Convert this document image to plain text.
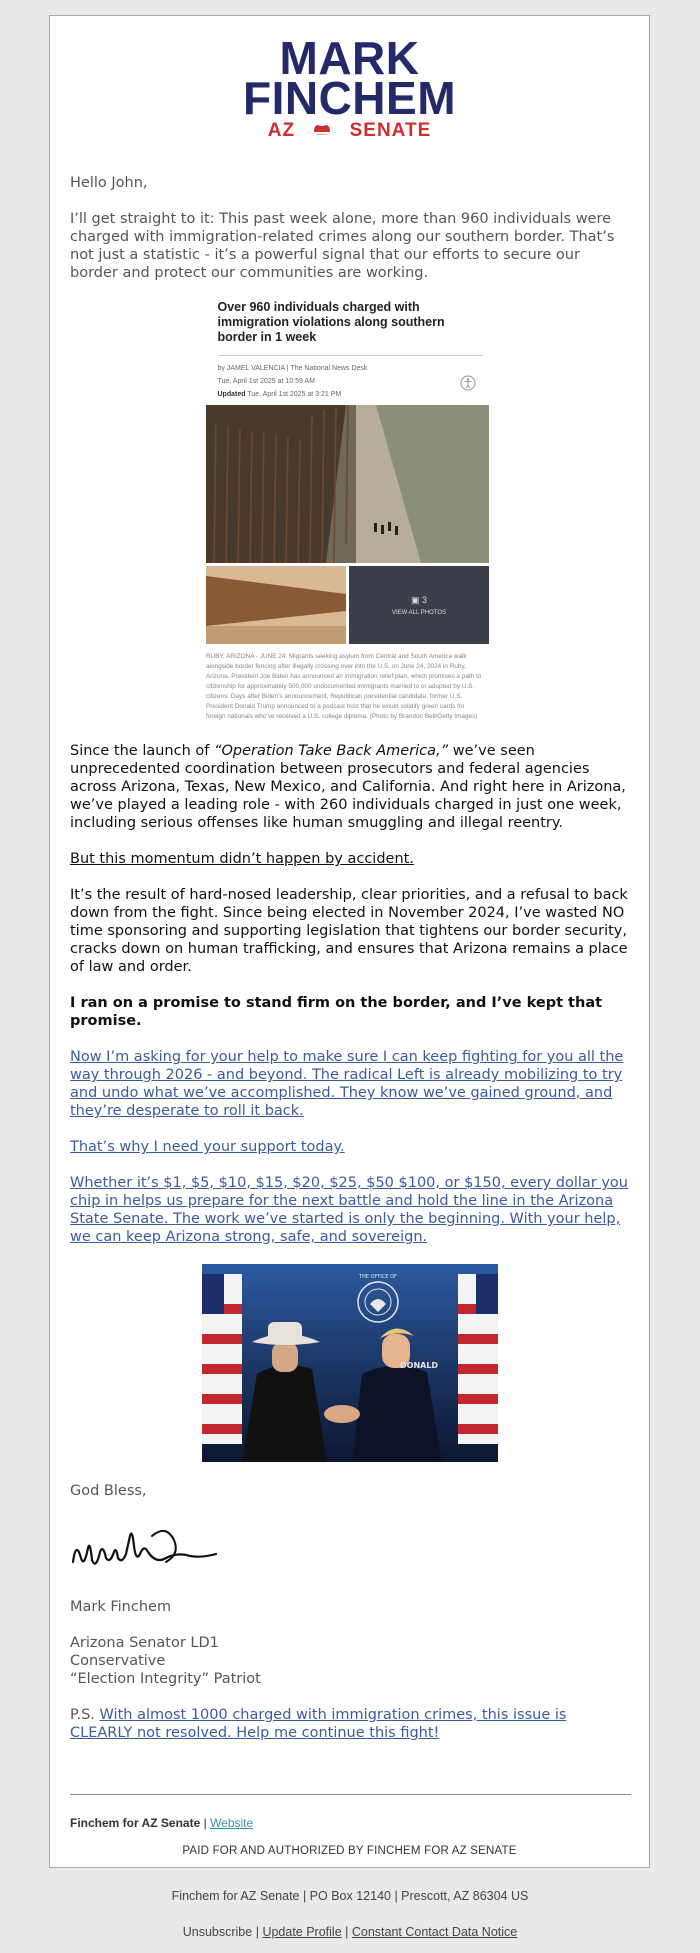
MARK
FINCHEM
AZ	SENATE

Hello John,

I’ll get straight to it: This past week alone, more than 960 individuals were charged with immigration-related crimes along our southern border. That’s not just a statistic - it’s a powerful signal that our efforts to secure our border and protect our communities are working.

Over 960 individuals charged with immigration violations along southern border in 1 week
by JAMEL VALENCIA | The National News Desk
Tue, April 1st 2025 at 10:59 AM
Updated Tue, April 1st 2025 at 3:21 PM
▣ 3
VIEW ALL PHOTOS
RUBY, ARIZONA - JUNE 24: Migrants seeking asylum from Central and South America walk alongside border fencing after illegally crossing over into the U.S. on June 24, 2024 in Ruby, Arizona. President Joe Biden has announced an immigration relief plan, which promises a path to citizenship for approximately 500,000 undocumented immigrants married to or adopted by U.S. citizens. Days after Biden’s announcement, Republican presidential candidate, former U.S. President Donald Trump announced to a podcast host that he would solidify green cards for foreign nationals who’ve received a U.S. college diploma. (Photo by Brandon Bell/Getty Images)

Since the launch of “Operation Take Back America,” we’ve seen unprecedented coordination between prosecutors and federal agencies across Arizona, Texas, New Mexico, and California. And right here in Arizona, we’ve played a leading role - with 260 individuals charged in just one week, including serious offenses like human smuggling and illegal reentry.

But this momentum didn’t happen by accident.

It’s the result of hard-nosed leadership, clear priorities, and a refusal to back down from the fight. Since being elected in November 2024, I’ve wasted NO time sponsoring and supporting legislation that tightens our border security, cracks down on human trafficking, and ensures that Arizona remains a place of law and order.

I ran on a promise to stand firm on the border, and I’ve kept that promise.

Now I’m asking for your help to make sure I can keep fighting for you all the way through 2026 - and beyond. The radical Left is already mobilizing to try and undo what we’ve accomplished. They know we’ve gained ground, and they’re desperate to roll it back.

That’s why I need your support today.

Whether it’s $1, $5, $10, $15, $20, $25, $50 $100, or $150, every dollar you chip in helps us prepare for the next battle and hold the line in the Arizona State Senate. The work we’ve started is only the beginning. With your help, we can keep Arizona strong, safe, and sovereign.

DONALD
THE OFFICE OF

God Bless,

Mark Finchem

Arizona Senator LD1
Conservative
“Election Integrity” Patriot

P.S. With almost 1000 charged with immigration crimes, this issue is CLEARLY not resolved. Help me continue this fight!

Finchem for AZ Senate | Website
PAID FOR AND AUTHORIZED BY FINCHEM FOR AZ SENATE
Finchem for AZ Senate | PO Box 12140 | Prescott, AZ 86304 US
Unsubscribe | Update Profile | Constant Contact Data Notice
